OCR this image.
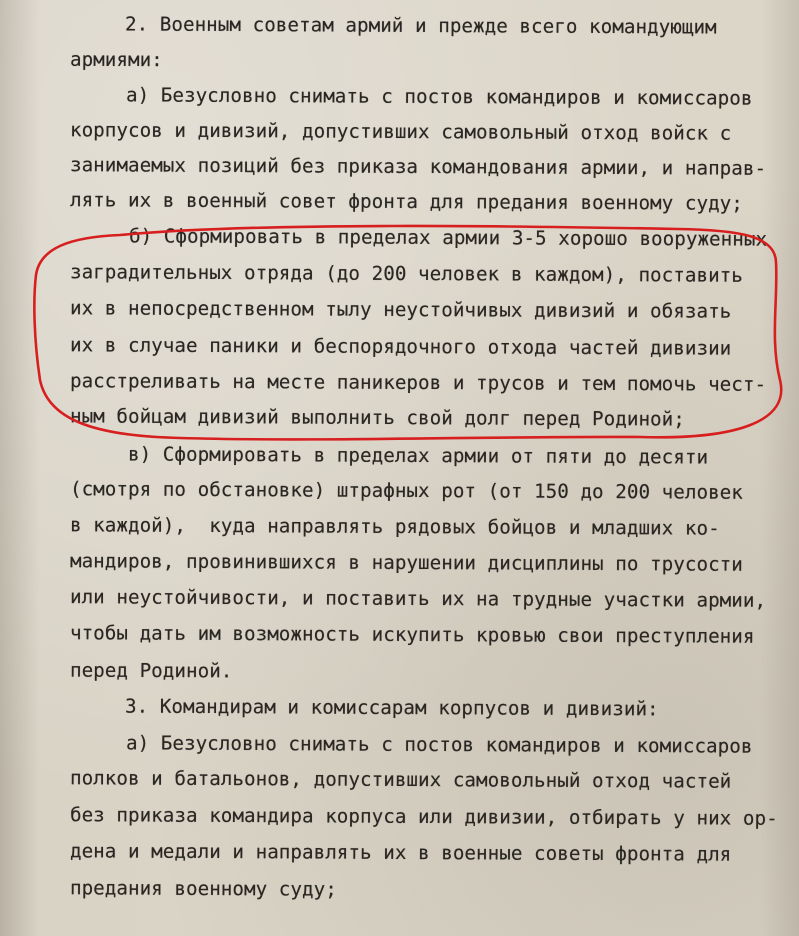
2. Военным советам армий и прежде всего командующим

армиями:

а) Безусловно снимать с постов командиров и комиссаров

корпусов и дивизий, допустивших самовольный отход войск с

занимаемых позиций без приказа командования армии, и направ-

лять их в военный совет фронта для предания военному суду;

б) Сформировать в пределах армии 3-5 хорошо вооруженных

заградительных отряда (до 200 человек в каждом), поставить

их в непосредственном тылу неустойчивых дивизий и обязать

их в случае паники и беспорядочного отхода частей дивизии

расстреливать на месте паникеров и трусов и тем помочь чест-

ным бойцам дивизий выполнить свой долг перед Родиной;

в) Сформировать в пределах армии от пяти до десяти

(смотря по обстановке) штрафных рот (от 150 до 200 человек

в каждой),  куда направлять рядовых бойцов и младших ко-

мандиров, провинившихся в нарушении дисциплины по трусости

или неустойчивости, и поставить их на трудные участки армии,

чтобы дать им возможность искупить кровью свои преступления

перед Родиной.

3. Командирам и комиссарам корпусов и дивизий:

а) Безусловно снимать с постов командиров и комиссаров

полков и батальонов, допустивших самовольный отход частей

без приказа командира корпуса или дивизии, отбирать у них ор-

дена и медали и направлять их в военные советы фронта для

предания военному суду;
